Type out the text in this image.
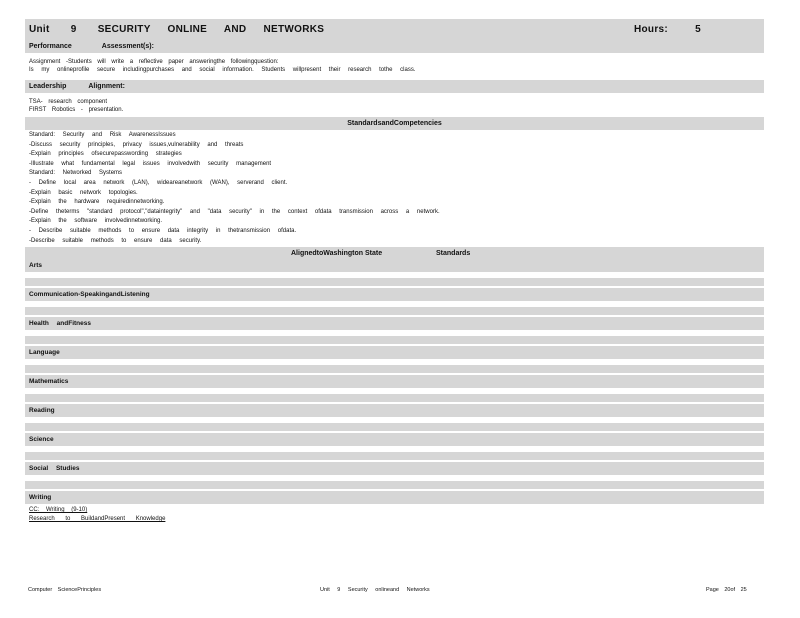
Unit 9 SECURITY ONLINE AND NETWORKS	Hours:	5
Performance	Assessment(s):
Assignment -Students will write a reflective paper answeringthe followingquestion:
Is my onlineprofile secure includingpurchases and social information. Students willpresent their research tothe class.
Leadership	Alignment:
TSA- research component
FIRST Robotics - presentation.
StandardsandCompetencies
Standard: Security and Risk AwarenessIssues
-Discuss security principles, privacy issues,vulnerability and threats
-Explain principles ofsecurepasswording strategies
-Illustrate what fundamental legal issues involvedwith security management
Standard: Networked Systems
- Define local area network (LAN), wideareanetwork (WAN), serverand client.
-Explain basic network topologies.
-Explain the hardware requiredinnetworking.
-Define theterms "standard protocol","dataintegrity" and "data security" in the context ofdata transmission across a network.
-Explain the software involvedinnetworking.
- Describe suitable methods to ensure data integrity in thetransmission ofdata.
-Describe suitable methods to ensure data security.
AlignedtoWashington State	Standards
Arts
Communication-SpeakingandListening
Health andFitness
Language
Mathematics
Reading
Science
Social Studies
Writing
CC: Writing (9-10)
Research to BuildandPresent Knowledge
Computer SciencePrinciples	Unit 9 Security onlineand Networks	Page 20of 25
